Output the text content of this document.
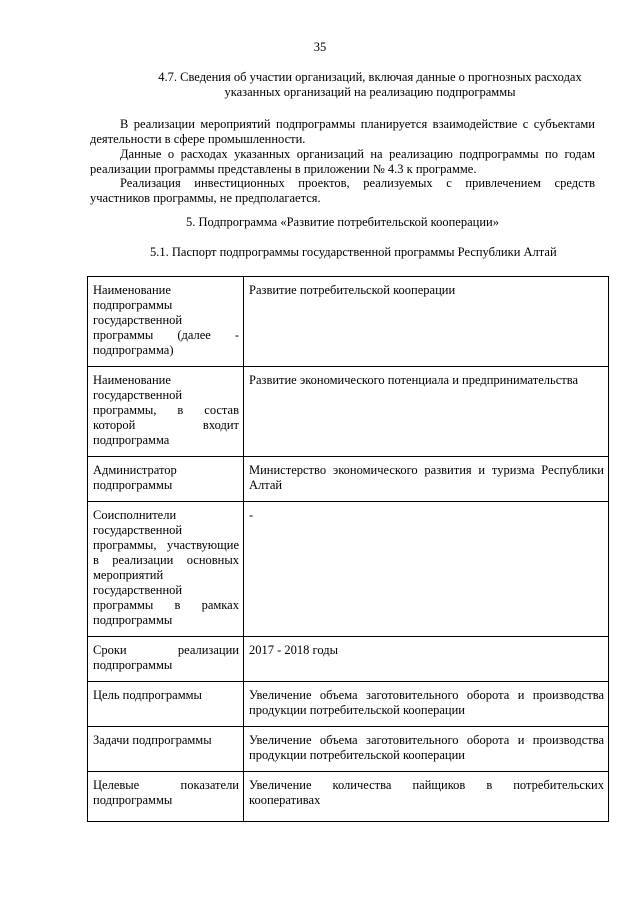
35
4.7. Сведения об участии организаций, включая данные о прогнозных расходах
указанных организаций на реализацию подпрограммы
В реализации мероприятий подпрограммы планируется взаимодействие с субъектами деятельности в сфере промышленности.
Данные о расходах указанных организаций на реализацию подпрограммы по годам реализации программы представлены в приложении № 4.3 к программе.
Реализация инвестиционных проектов, реализуемых с привлечением средств участников программы, не предполагается.
5. Подпрограмма «Развитие потребительской кооперации»
5.1. Паспорт подпрограммы государственной программы Республики Алтай
Наименование подпрограммы государственной программы (далее - подпрограмма)	Развитие потребительской кооперации
Наименование государственной программы, в состав которой входит подпрограмма	Развитие экономического потенциала и предпринимательства
Администратор подпрограммы	Министерство экономического развития и туризма Республики Алтай
Соисполнители государственной программы, участвующие в реализации основных мероприятий государственной программы в рамках подпрограммы	-
Сроки реализации подпрограммы	2017 - 2018 годы
Цель подпрограммы	Увеличение объема заготовительного оборота и производства продукции потребительской кооперации
Задачи подпрограммы	Увеличение объема заготовительного оборота и производства продукции потребительской кооперации
Целевые показатели подпрограммы	Увеличение количества пайщиков в потребительских кооперативах
